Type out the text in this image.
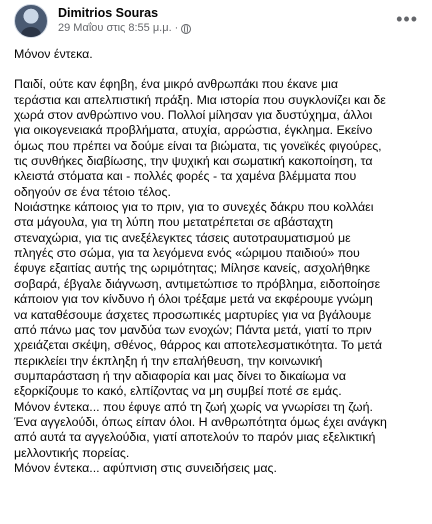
Dimitrios Souras
29 Μαΐου στις 8:55 μ.μ. ·	•••

Μόνον έντεκα.

Παιδί, ούτε καν έφηβη, ένα μικρό ανθρωπάκι που έκανε μια

τεράστια και απελπιστική πράξη. Μια ιστορία που συγκλονίζει και δε

χωρά στον ανθρώπινο νου. Πολλοί μίλησαν για δυστύχημα, άλλοι

για οικογενειακά προβλήματα, ατυχία, αρρώστια, έγκλημα. Εκείνο

όμως που πρέπει να δούμε είναι τα βιώματα, τις γονεϊκές φιγούρες,

τις συνθήκες διαβίωσης, την ψυχική και σωματική κακοποίηση, τα

κλειστά στόματα και - πολλές φορές - τα χαμένα βλέμματα που

οδηγούν σε ένα τέτοιο τέλος.

Νοιάστηκε κάποιος για το πριν, για το συνεχές δάκρυ που κολλάει

στα μάγουλα, για τη λύπη που μετατρέπεται σε αβάσταχτη

στεναχώρια, για τις ανεξέλεγκτες τάσεις αυτοτραυματισμού με

πληγές στο σώμα, για τα λεγόμενα ενός «ώριμου παιδιού» που

έφυγε εξαιτίας αυτής της ωριμότητας; Μίλησε κανείς, ασχολήθηκε

σοβαρά, έβγαλε διάγνωση, αντιμετώπισε το πρόβλημα, ειδοποίησε

κάποιον για τον κίνδυνο ή όλοι τρέξαμε μετά να εκφέρουμε γνώμη

να καταθέσουμε άσχετες προσωπικές μαρτυρίες για να βγάλουμε

από πάνω μας τον μανδύα των ενοχών; Πάντα μετά, γιατί το πριν

χρειάζεται σκέψη, σθένος, θάρρος και αποτελεσματικότητα. Το μετά

περικλείει την έκπληξη ή την επαλήθευση, την κοινωνική

συμπαράσταση ή την αδιαφορία και μας δίνει το δικαίωμα να

εξορκίζουμε το κακό, ελπίζοντας να μη συμβεί ποτέ σε εμάς.

Μόνον έντεκα... που έφυγε από τη ζωή χωρίς να γνωρίσει τη ζωή.

Ένα αγγελούδι, όπως είπαν όλοι. Η ανθρωπότητα όμως έχει ανάγκη

από αυτά τα αγγελούδια, γιατί αποτελούν το παρόν μιας εξελικτική

μελλοντικής πορείας.

Μόνον έντεκα... αφύπνιση στις συνειδήσεις μας.
